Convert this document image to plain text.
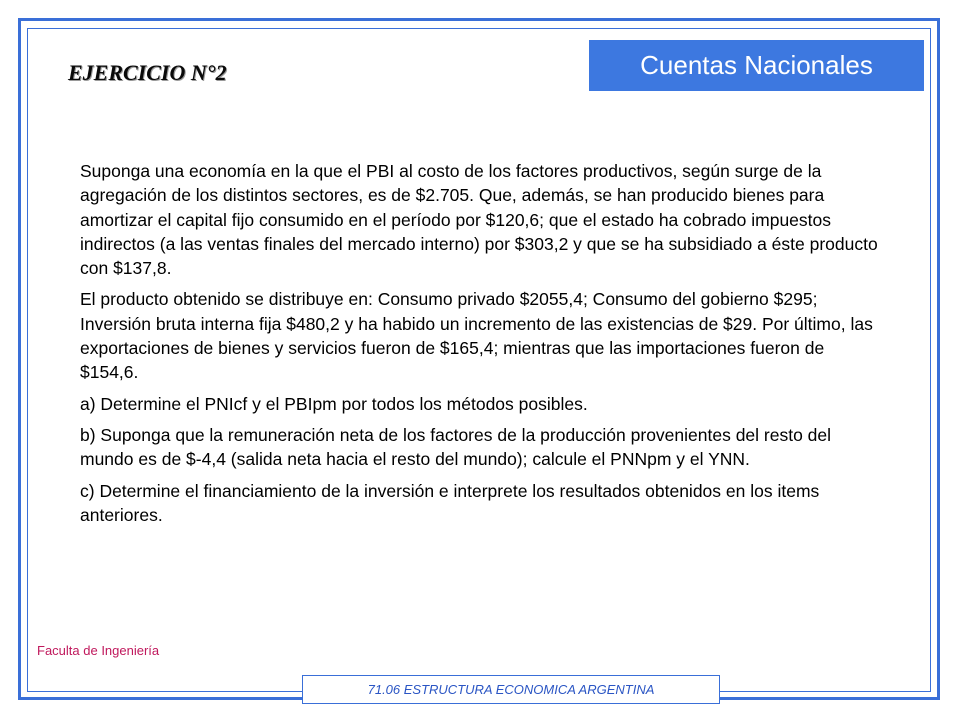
Cuentas Nacionales
EJERCICIO N°2

Suponga una economía en la que el PBI al costo de los factores productivos, según surge de la agregación de los distintos sectores, es de $2.705. Que, además, se han producido bienes para amortizar el capital fijo consumido en el período por $120,6; que el estado ha cobrado impuestos indirectos (a las ventas finales del mercado interno) por $303,2 y que se ha subsidiado a éste producto con $137,8.

El producto obtenido se distribuye en: Consumo privado $2055,4; Consumo del gobierno $295; Inversión bruta interna fija $480,2 y ha habido un incremento de las existencias de $29. Por último, las exportaciones de bienes y servicios fueron de $165,4; mientras que las importaciones fueron de $154,6.

a) Determine el PNIcf y el PBIpm por todos los métodos posibles.

b) Suponga que la remuneración neta de los factores de la producción provenientes del resto del mundo es de $-4,4 (salida neta hacia el resto del mundo); calcule el PNNpm y el YNN.

c) Determine el financiamiento de la inversión e interprete los resultados obtenidos en los items anteriores.

Faculta de Ingeniería
71.06 ESTRUCTURA ECONOMICA ARGENTINA
